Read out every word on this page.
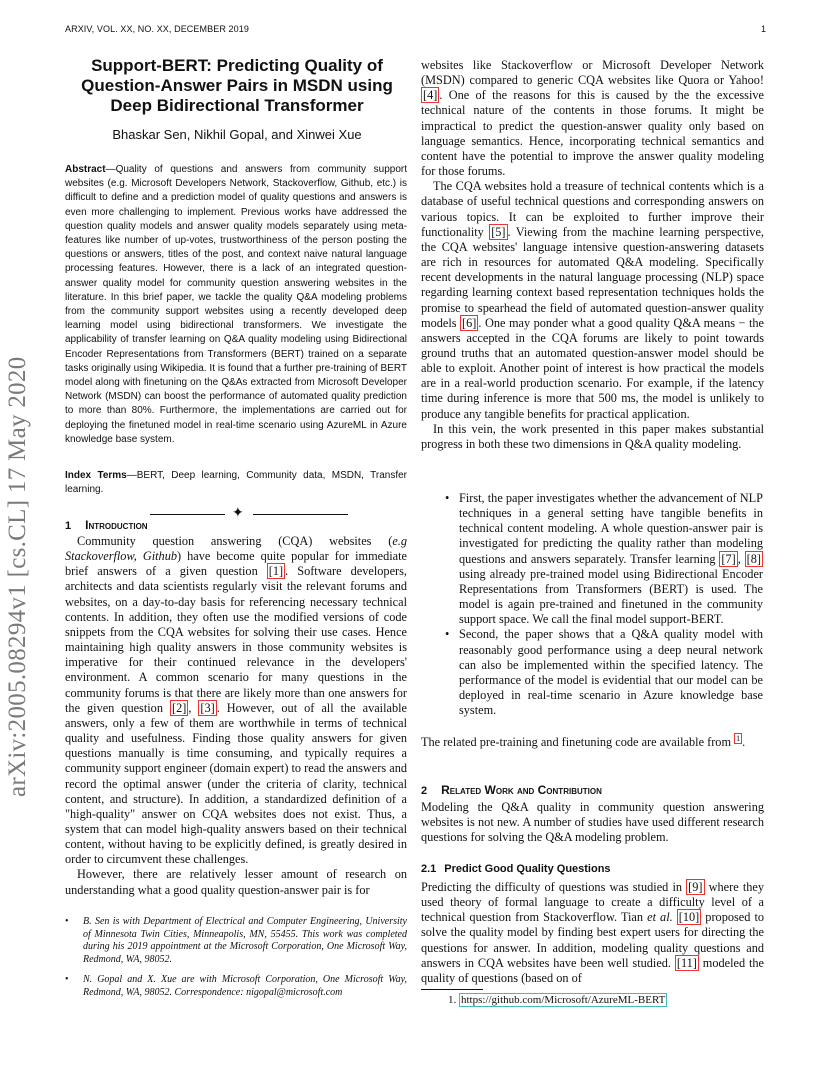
ARXIV, VOL. XX, NO. XX, DECEMBER 2019	1
arXiv:2005.08294v1 [cs.CL] 17 May 2020
Support-BERT: Predicting Quality of Question-Answer Pairs in MSDN using Deep Bidirectional Transformer
Bhaskar Sen, Nikhil Gopal, and Xinwei Xue
Abstract—Quality of questions and answers from community support websites (e.g. Microsoft Developers Network, Stackoverflow, Github, etc.) is difficult to define and a prediction model of quality questions and answers is even more challenging to implement. Previous works have addressed the question quality models and answer quality models separately using meta-features like number of up-votes, trustworthiness of the person posting the questions or answers, titles of the post, and context naive natural language processing features. However, there is a lack of an integrated question-answer quality model for community question answering websites in the literature. In this brief paper, we tackle the quality Q&A modeling problems from the community support websites using a recently developed deep learning model using bidirectional transformers. We investigate the applicability of transfer learning on Q&A quality modeling using Bidirectional Encoder Representations from Transformers (BERT) trained on a separate tasks originally using Wikipedia. It is found that a further pre-training of BERT model along with finetuning on the Q&As extracted from Microsoft Developer Network (MSDN) can boost the performance of automated quality prediction to more than 80%. Furthermore, the implementations are carried out for deploying the finetuned model in real-time scenario using AzureML in Azure knowledge base system.
Index Terms—BERT, Deep learning, Community data, MSDN, Transfer learning.
✦
1 Introduction

Community question answering (CQA) websites (e.g Stackoverflow, Github) have become quite popular for immediate brief answers of a given question [1] . Software developers, architects and data scientists regularly visit the relevant forums and websites, on a day-to-day basis for referencing necessary technical contents. In addition, they often use the modified versions of code snippets from the CQA websites for solving their use cases. Hence maintaining high quality answers in those community websites is imperative for their continued relevance in the developers' environment. A common scenario for many questions in the community forums is that there are likely more than one answers for the given question [2] , [3] . However, out of all the available answers, only a few of them are worthwhile in terms of technical quality and usefulness. Finding those quality answers for given questions manually is time consuming, and typically requires a community support engineer (domain expert) to read the answers and record the optimal answer (under the criteria of clarity, technical content, and structure). In addition, a standardized definition of a "high-quality" answer on CQA websites does not exist. Thus, a system that can model high-quality answers based on their technical content, without having to be explicitly defined, is greatly desired in order to circumvent these challenges.

However, there are relatively lesser amount of research on understanding what a good quality question-answer pair is for

• B. Sen is with Department of Electrical and Computer Engineering, University of Minnesota Twin Cities, Minneapolis, MN, 55455. This work was completed during his 2019 appointment at the Microsoft Corporation, One Microsoft Way, Redmond, WA, 98052.
• N. Gopal and X. Xue are with Microsoft Corporation, One Microsoft Way, Redmond, WA, 98052. Correspondence: nigopal@microsoft.com

websites like Stackoverflow or Microsoft Developer Network (MSDN) compared to generic CQA websites like Quora or Yahoo! [4] . One of the reasons for this is caused by the the excessive technical nature of the contents in those forums. It might be impractical to predict the question-answer quality only based on language semantics. Hence, incorporating technical semantics and content have the potential to improve the answer quality modeling for those forums.

The CQA websites hold a treasure of technical contents which is a database of useful technical questions and corresponding answers on various topics. It can be exploited to further improve their functionality [5] . Viewing from the machine learning perspective, the CQA websites' language intensive question-answering datasets are rich in resources for automated Q&A modeling. Specifically recent developments in the natural language processing (NLP) space regarding learning context based representation techniques holds the promise to spearhead the field of automated question-answer quality models [6] . One may ponder what a good quality Q&A means − the answers accepted in the CQA forums are likely to point towards ground truths that an automated question-answer model should be able to exploit. Another point of interest is how practical the models are in a real-world production scenario. For example, if the latency time during inference is more that 500 ms, the model is unlikely to produce any tangible benefits for practical application.

In this vein, the work presented in this paper makes substantial progress in both these two dimensions in Q&A quality modeling.

• First, the paper investigates whether the advancement of NLP techniques in a general setting have tangible benefits in technical content modeling. A whole question-answer pair is investigated for predicting the quality rather than modeling questions and answers separately. Transfer learning [7] , [8] using already pre-trained model using Bidirectional Encoder Representations from Transformers (BERT) is used. The model is again pre-trained and finetuned in the community support space. We call the final model support-BERT.
• Second, the paper shows that a Q&A quality model with reasonably good performance using a deep neural network can also be implemented within the specified latency. The performance of the model is evidential that our model can be deployed in real-time scenario in Azure knowledge base system.

The related pre-training and finetuning code are available from $^1$ .

2 Related Work and Contribution

Modeling the Q&A quality in community question answering websites is not new. A number of studies have used different research questions for solving the Q&A modeling problem.

2.1 Predict Good Quality Questions

Predicting the difficulty of questions was studied in [9] where they used theory of formal language to create a difficulty level of a technical question from Stackoverflow. Tian et al. [10] proposed to solve the quality model by finding best expert users for directing the questions for answer. In addition, modeling quality questions and answers in CQA websites have been well studied. [11] modeled the quality of questions (based on of

1. https://github.com/Microsoft/AzureML-BERT
